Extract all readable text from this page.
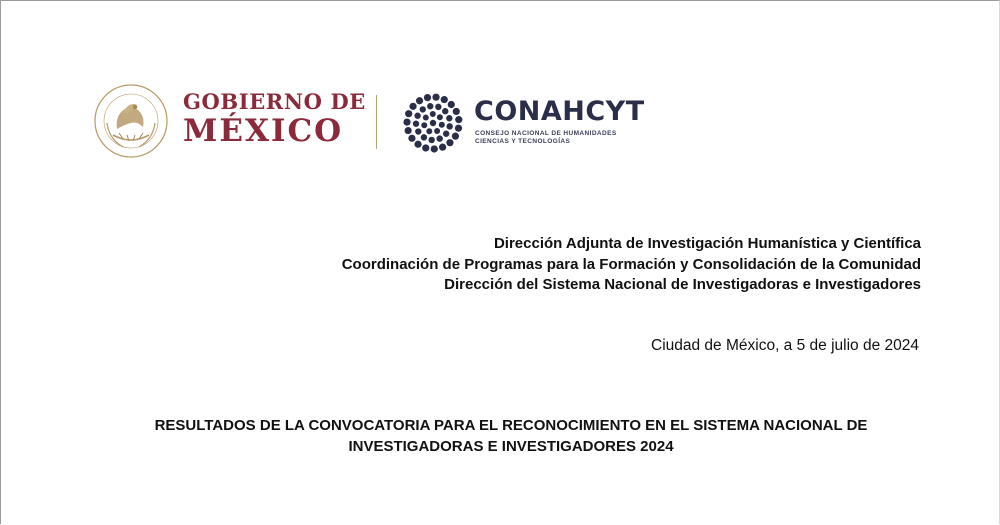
GOBIERNO DE
MÉXICO
CONAHCYT
CONSEJO NACIONAL DE HUMANIDADES
CIENCIAS Y TECNOLOGÍAS
Dirección Adjunta de Investigación Humanística y Científica
Coordinación de Programas para la Formación y Consolidación de la Comunidad
Dirección del Sistema Nacional de Investigadoras e Investigadores
Ciudad de México, a 5 de julio de 2024
RESULTADOS DE LA CONVOCATORIA PARA EL RECONOCIMIENTO EN EL SISTEMA NACIONAL DE
INVESTIGADORAS E INVESTIGADORES 2024
